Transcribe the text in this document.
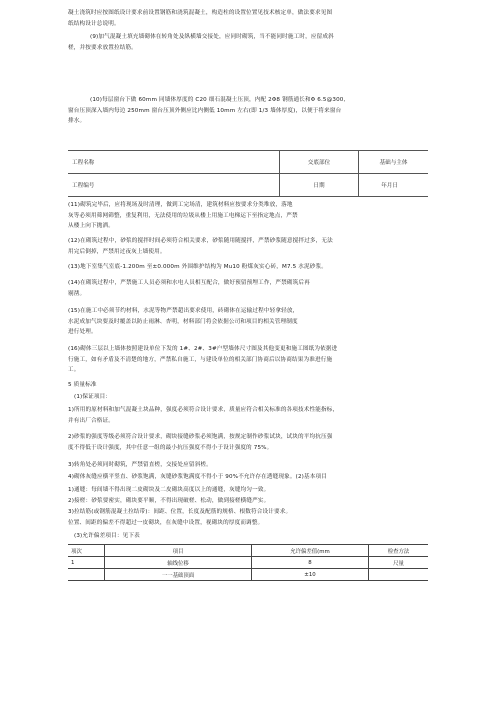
凝土浇筑时应按图纸设计要求前设置钢筋和浇筑混凝土，构造柱的设置位置见技术核定单，做法要求见图
纸结构设计总说明。

(9)加气混凝土填充墙砌体在转角处及纵横墙交接处，应同时砌筑，当不能同时施工时，应留成斜
槎，并按要求放置拉结筋。

(10)每层窗台下做 60mm 同墙体厚度的 C20 细石混凝土压顶，内配 2Φ8 钢筋通长和Φ 6.5@300,
窗台压顶深入墙内每边 250mm 窗台压顶外侧应比内侧低 10mm 左右(即 1/3 墙体厚度)，以便于将来窗台
排水。

工程名称		交底部位	基础与主体
工程编号		日期	年月日

(11)砌筑完毕后，应将现场及时清理，做到工完场清，建筑材料应按要求分类堆放，落地
灰等必须用筛网筛整，重复利用，无法使用的垃圾从楼上用施工电梯运下至指定地点，严禁
从楼上向下抛洒。

(12)在砌筑过程中，砂浆的搅拌时间必须符合相关要求，砂浆随用随搅拌，严禁砂浆随意搅拌过多，无法
用完后倒掉，严禁用过夜灰上墙使用。

(13)地下室集气室底-1.200m 至±0.000m 外围维护结构为 Mu10 粉煤灰实心砖，M7.5 水泥砂浆。

(14)在砌筑过程中，严禁施工人员必须和水电人员相互配合，做好预留预埋工作，严禁砌筑后再
剔凿。

(15)在施工中必须节约材料，水泥等物严禁超出要求使用，砖砌体在运输过程中轻拿轻放，
水泥成加气块要及时覆盖以防止雨淋、杏明，材料部门将会依据公司和项目的相关管理制度
进行处理。

(16)砌体三层以上墙体按照建设单位下发的 1#、2#、3#户型墙体尺寸图及其他变更和施工图纸为依据进
行施工，如有矛盾及不清楚的地方，严禁私自施工，与建设单位的相关部门协商后以协商结果为准进行施
工。

5 质量标准

(1)保证项目：

1)所用的原材料和加气混凝土块品种，强度必须符合设计要求，质量应符合相关标准的各项技术性能指标，
并有出厂合格证。

2)砂浆的强度等级必须符合设计要求，砌块接缝砂浆必须饱满，按规定制作砂浆试块，试块的平均抗压强
度不得低于设计强度，其中任意一组的最小抗压强度不得小于设计强度的 75%。

3)转角处必须同时砌筑，严禁留直槎，交接处应留斜槎。

4)砌体灰缝应横平竖直、砂浆饱满，灰缝砂浆饱满度不得小于 90%不允许存在透缝现象。(2)基本项目

1)通缝：每间墙不得出现二皮砌块及二皮砌块高度以上的通缝，灰缝均匀一致。

2)接槎：砂浆要密实，砌块要平顺，不得出现破槎、松动，做到接槎横缝严实。

3)拉结筋(或钢筋混凝土拉结带)：间距、位置，长度及配筋的规格、根数符合设计要求。

位置、间距的偏差不得超过一皮砌块，在灰缝中设置，视砌块的厚度而调整。

项次	项目	允许偏差值(mm	检查方法
1	轴线位移	8	尺量
	一一基础顶面	±10	

(3)允许偏差项目：见下表
